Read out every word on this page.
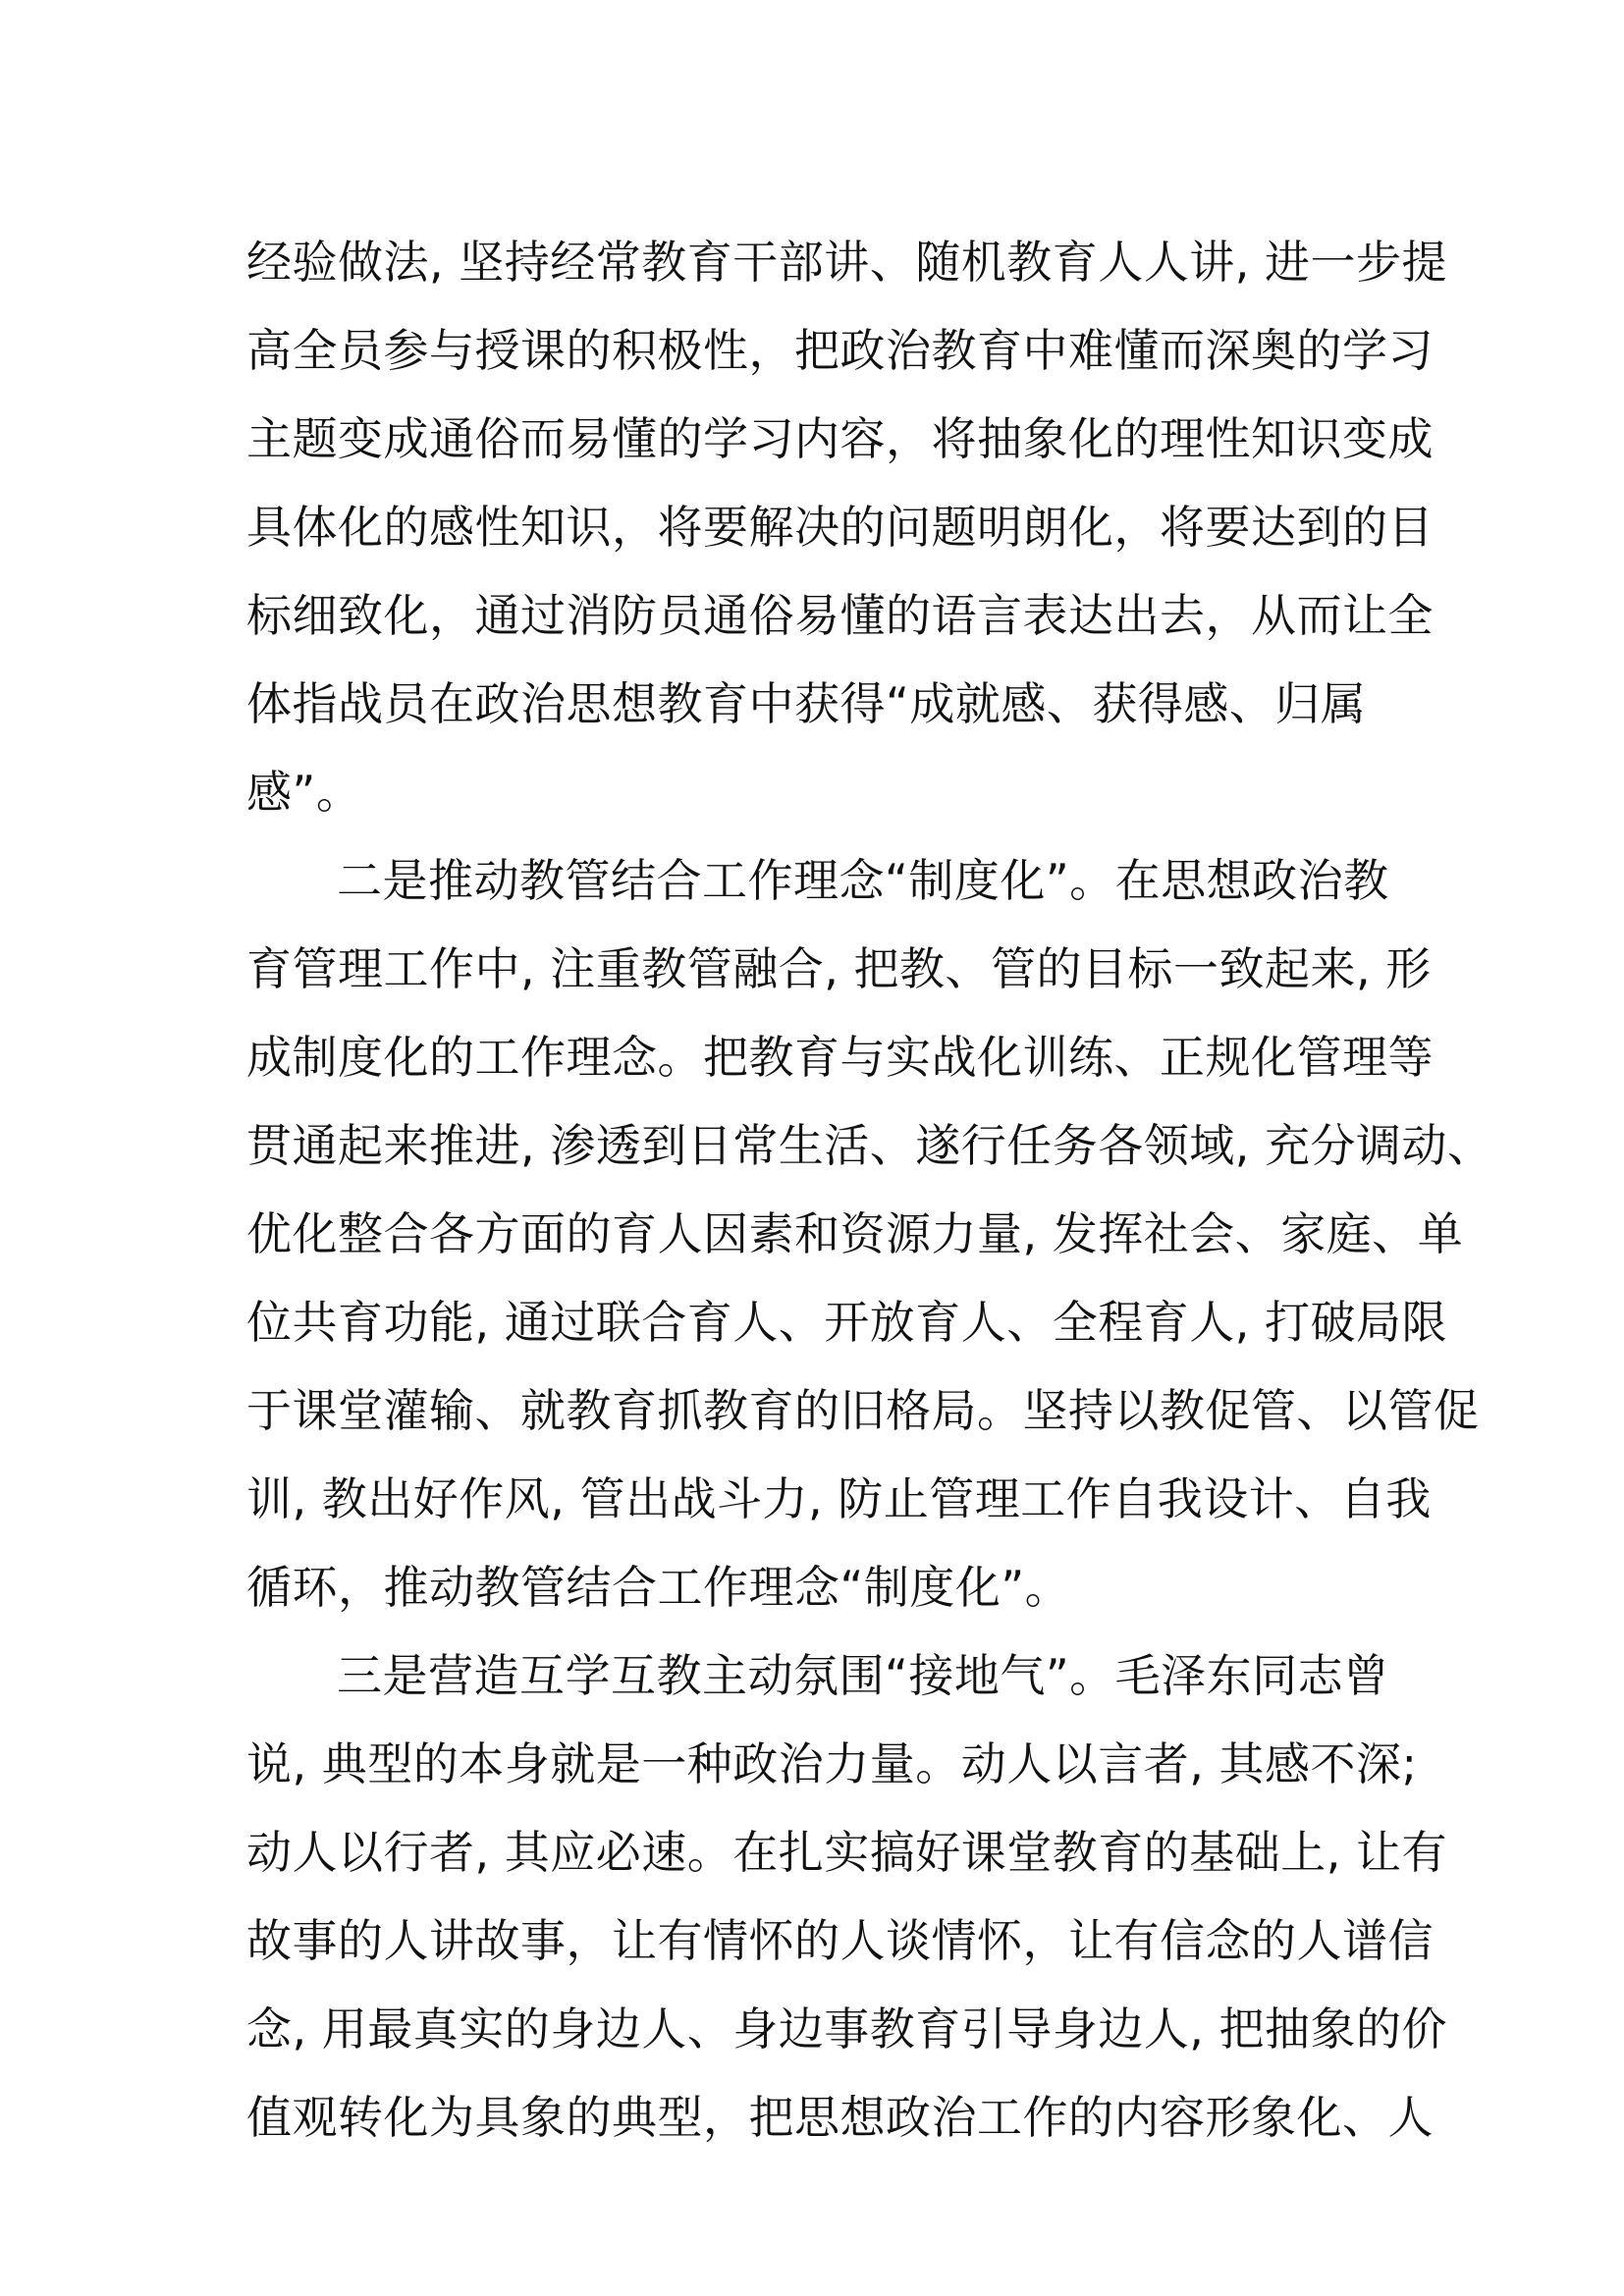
经验做法, 坚持经常教育干部讲、随机教育人人讲, 进一步提
高全员参与授课的积极性，把政治教育中难懂而深奥的学习
主题变成通俗而易懂的学习内容，将抽象化的理性知识变成
具体化的感性知识，将要解决的问题明朗化，将要达到的目
标细致化，通过消防员通俗易懂的语言表达出去，从而让全
体指战员在政治思想教育中获得“成就感、获得感、归属
感”。
二是推动教管结合工作理念“制度化”。在思想政治教
育管理工作中, 注重教管融合, 把教、管的目标一致起来, 形
成制度化的工作理念。把教育与实战化训练、正规化管理等
贯通起来推进, 渗透到日常生活、遂行任务各领域, 充分调动、
优化整合各方面的育人因素和资源力量, 发挥社会、家庭、单
位共育功能, 通过联合育人、开放育人、全程育人, 打破局限
于课堂灌输、就教育抓教育的旧格局。坚持以教促管、以管促
训, 教出好作风, 管出战斗力, 防止管理工作自我设计、自我
循环，推动教管结合工作理念“制度化”。
三是营造互学互教主动氛围“接地气”。毛泽东同志曾
说, 典型的本身就是一种政治力量。动人以言者, 其感不深;
动人以行者, 其应必速。在扎实搞好课堂教育的基础上, 让有
故事的人讲故事，让有情怀的人谈情怀，让有信念的人谱信
念, 用最真实的身边人、身边事教育引导身边人, 把抽象的价
值观转化为具象的典型，把思想政治工作的内容形象化、人
